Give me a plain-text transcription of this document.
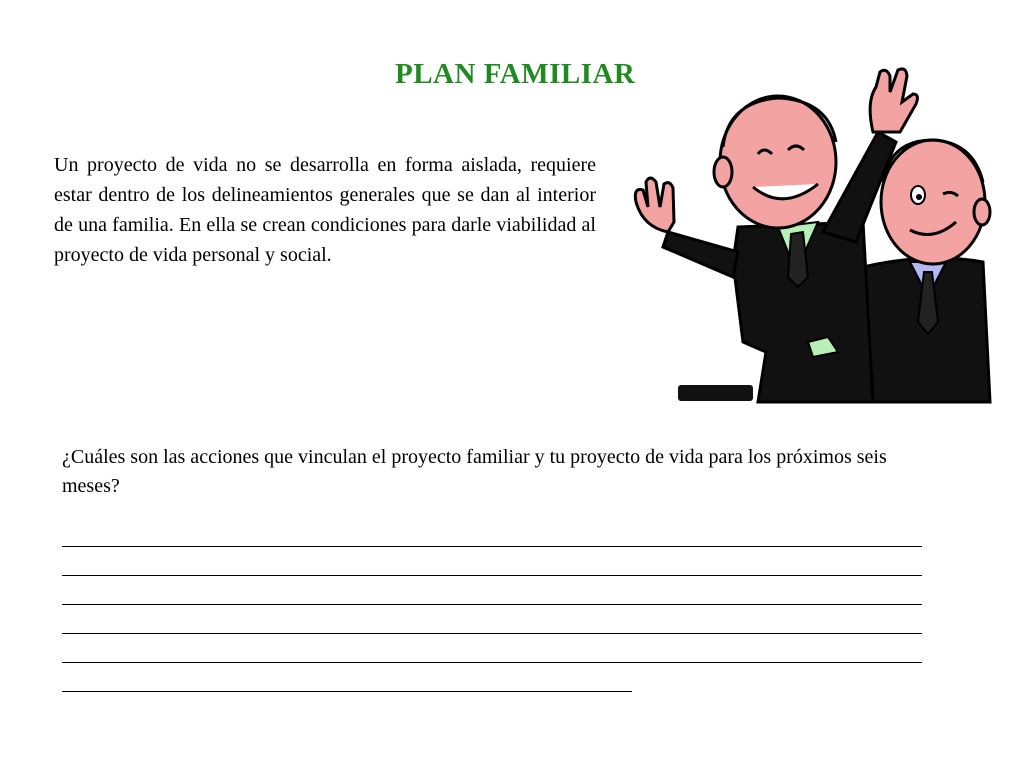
PLAN FAMILIAR
Un proyecto de vida no se desarrolla en forma aislada, requiere estar dentro de los delineamientos generales que se dan al interior de una familia. En ella se crean condiciones para darle viabilidad al proyecto de vida personal y social.
¿Cuáles son las acciones que vinculan el proyecto familiar y tu proyecto de vida para los próximos seis meses?
